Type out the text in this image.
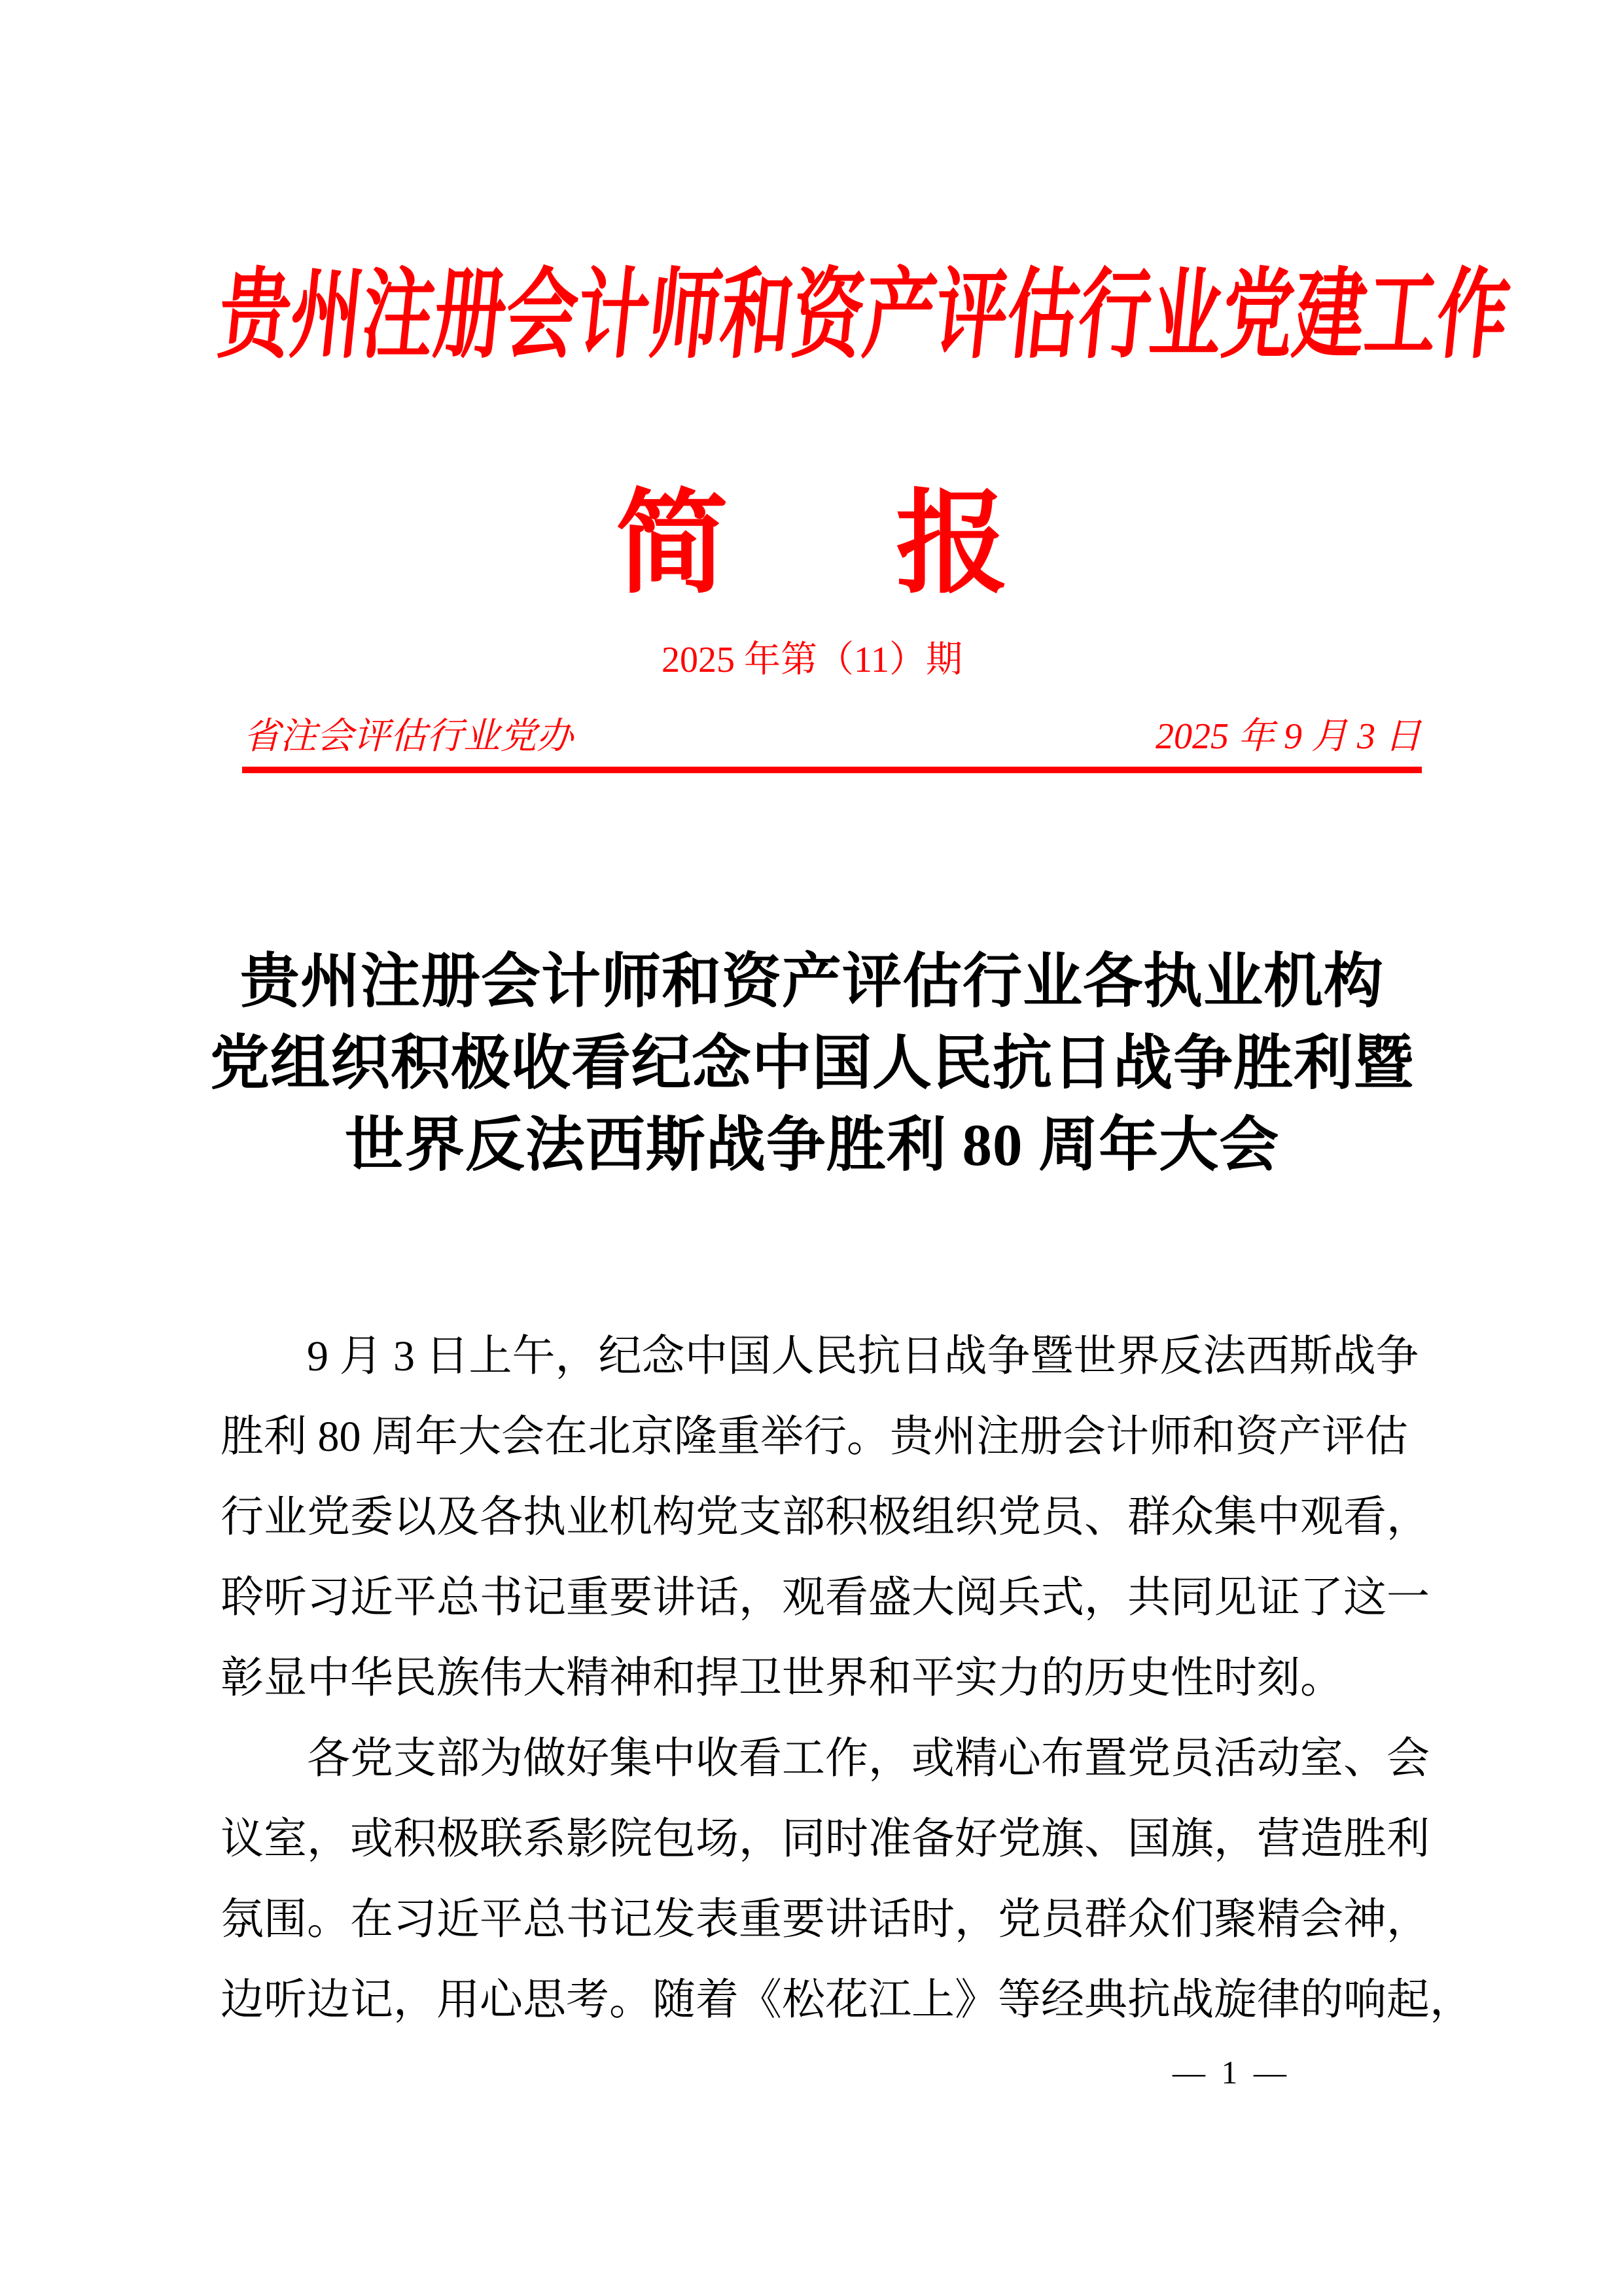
贵州注册会计师和资产评估行业党建工作
简 报
2025 年第（11）期
省注会评估行业党办	2025 年 9 月 3 日
贵州注册会计师和资产评估行业各执业机构
党组织积极收看纪念中国人民抗日战争胜利暨
世界反法西斯战争胜利 80 周年大会
9 月 3 日上午，纪念中国人民抗日战争暨世界反法西斯战争
胜利 80 周年大会在北京隆重举行。贵州注册会计师和资产评估
行业党委以及各执业机构党支部积极组织党员、群众集中观看，
聆听习近平总书记重要讲话，观看盛大阅兵式，共同见证了这一
彰显中华民族伟大精神和捍卫世界和平实力的历史性时刻。
各党支部为做好集中收看工作，或精心布置党员活动室、会
议室，或积极联系影院包场，同时准备好党旗、国旗，营造胜利
氛围。在习近平总书记发表重要讲话时，党员群众们聚精会神，
边听边记，用心思考。随着《松花江上》等经典抗战旋律的响起，
— 1 —
